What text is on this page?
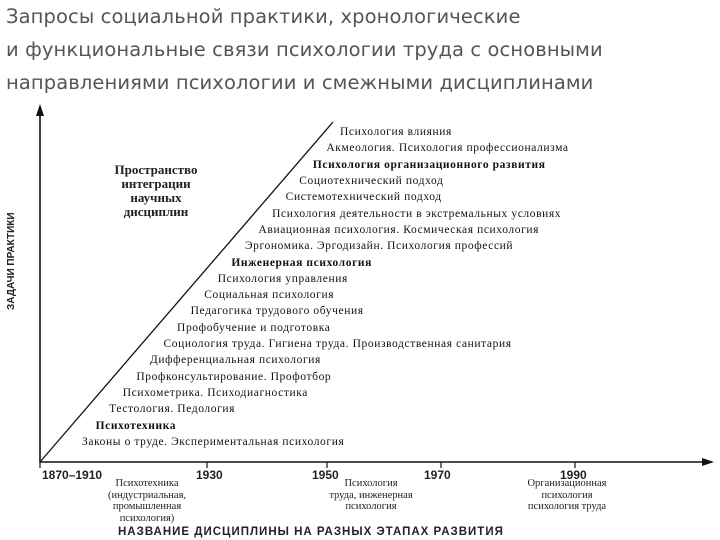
Запросы социальной практики, хронологические
и функциональные связи психологии труда с основными
направлениями психологии и смежными дисциплинами
ЗАДАЧИ ПРАКТИКИ
Пространство
интеграции
научных
дисциплин
Психология влияния
Акмеология. Психология профессионализма
Психология организационного развития
Социотехнический подход
Системотехнический подход
Психология деятельности в экстремальных условиях
Авиационная психология. Космическая психология
Эргономика. Эргодизайн. Психология профессий
Инженерная психология
Психология управления
Социальная психология
Педагогика трудового обучения
Профобучение и подготовка
Социология труда. Гигиена труда. Производственная санитария
Дифференциальная психология
Профконсультирование. Профотбор
Психометрика. Психодиагностика
Тестология. Педология
Психотехника
Законы о труде. Экспериментальная психология
1870–1910	1930	1950	1970	1990
Психотехника
(индустриальная,
промышленная
психология)
Психология
труда, инженерная
психология
Организационная
психология
психология труда
НАЗВАНИЕ ДИСЦИПЛИНЫ НА РАЗНЫХ ЭТАПАХ РАЗВИТИЯ
